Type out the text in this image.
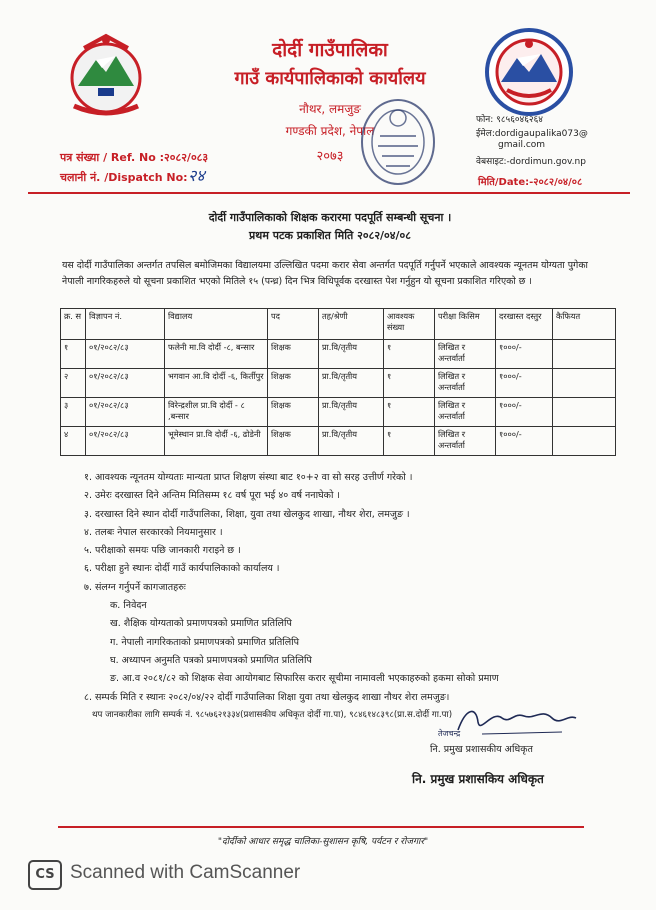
दोर्दी गाउँपालिका
गाउँ कार्यपालिकाको कार्यालय
नौथर, लमजुङ
गण्डकी प्रदेश, नेपाल
२०७३
फोन: ९८५६०४६२६४
ईमेल:dordigaupalika073@
gmail.com
वेबसाइट:-dordimun.gov.np
पत्र संख्या / Ref. No :२०८२/०८३
चलानी नं. /Dispatch No: २४	मिति/Date:-२०८२/०४/०८
दोर्दी गाउँपालिकाको शिक्षक करारमा पदपूर्ति सम्बन्धी सूचना ।
प्रथम पटक प्रकाशित मिति २०८२/०४/०८
यस दोर्दी गाउँपालिका अन्तर्गत तपसिल बमोजिमका विद्यालयमा उल्लिखित पदमा करार सेवा अन्तर्गत पदपूर्ति गर्नुपर्ने भएकाले आवश्यक न्यूनतम योग्यता पुगेका नेपाली नागरिकहरुले यो सूचना प्रकाशित भएको मितिले १५ (पन्ध्र) दिन भित्र विधिपूर्वक दरखास्त पेश गर्नुहुन यो सूचना प्रकाशित गरिएको छ ।
क्र. स	विज्ञापन नं.	विद्यालय	पद	तह/श्रेणी	आवश्यक संख्या	परीक्षा किसिम	दरखास्त दस्तुर	कैफियत
१	०१/२०८२/८३	फलेनी मा.वि दोर्दी -८, बन्सार	शिक्षक	प्रा.वि/तृतीय	१	लिखित र अन्तर्वार्ता	१०००/-	
२	०१/२०८२/८३	भगवान आ.वि दोर्दी -६, किर्तीपुर	शिक्षक	प्रा.वि/तृतीय	१	लिखित र अन्तर्वार्ता	१०००/-	
३	०१/२०८२/८३	विरेन्द्रशील प्रा.वि दोर्दी - ८ ,बन्सार	शिक्षक	प्रा.वि/तृतीय	१	लिखित र अन्तर्वार्ता	१०००/-	
४	०१/२०८२/८३	भूमेस्थान प्रा.वि दोर्दी -६, ढोडेनी	शिक्षक	प्रा.वि/तृतीय	१	लिखित र अन्तर्वार्ता	१०००/-	
१. आवश्यक न्यूनतम योग्यताः मान्यता प्राप्त शिक्षण संस्था बाट १०+२ वा सो सरह उत्तीर्ण गरेको ।
२. उमेरः दरखास्त दिने अन्तिम मितिसम्म १८ वर्ष पूरा भई ४० वर्ष ननाघेको ।
३. दरखास्त दिने स्थान दोर्दी गाउँपालिका, शिक्षा, युवा तथा खेलकुद शाखा, नौथर शेरा, लमजुङ ।
४. तलबः नेपाल सरकारको नियमानुसार ।
५. परीक्षाको समयः पछि जानकारी गराइने छ ।
६. परीक्षा हुने स्थानः दोर्दी गाउँ कार्यपालिकाको कार्यालय ।
७. संलग्न गर्नुपर्ने कागजातहरुः
क. निवेदन
ख. शैक्षिक योग्यताको प्रमाणपत्रको प्रमाणित प्रतिलिपि
ग. नेपाली नागरिकताको प्रमाणपत्रको प्रमाणित प्रतिलिपि
घ. अध्यापन अनुमति पत्रको प्रमाणपत्रको प्रमाणित प्रतिलिपि
ङ. आ.व २०८१/८२ को शिक्षक सेवा आयोगबाट सिफारिस करार सूचीमा नामावली भएकाहरुको हकमा सोको प्रमाण
८. सम्पर्क मिति र स्थानः २०८२/०४/२२ दोर्दी गाउँपालिका शिक्षा युवा तथा खेलकुद शाखा नौथर शेरा लमजुङ।
थप जानकारीका लागि सम्पर्क नं. ९८५७६२१३३४(प्रशासकीय अधिकृत दोर्दी गा.पा), ९८४६१४८३९८(प्रा.स.दोर्दी गा.पा)
तेजचन्द्र
नि. प्रमुख प्रशासकीय अधिकृत
नि. प्रमुख प्रशासकिय अधिकृत
"दोर्दीको आधार समृद्ध चालिका-सुशासन कृषि, पर्यटन र रोजगार"
CS Scanned with CamScanner
